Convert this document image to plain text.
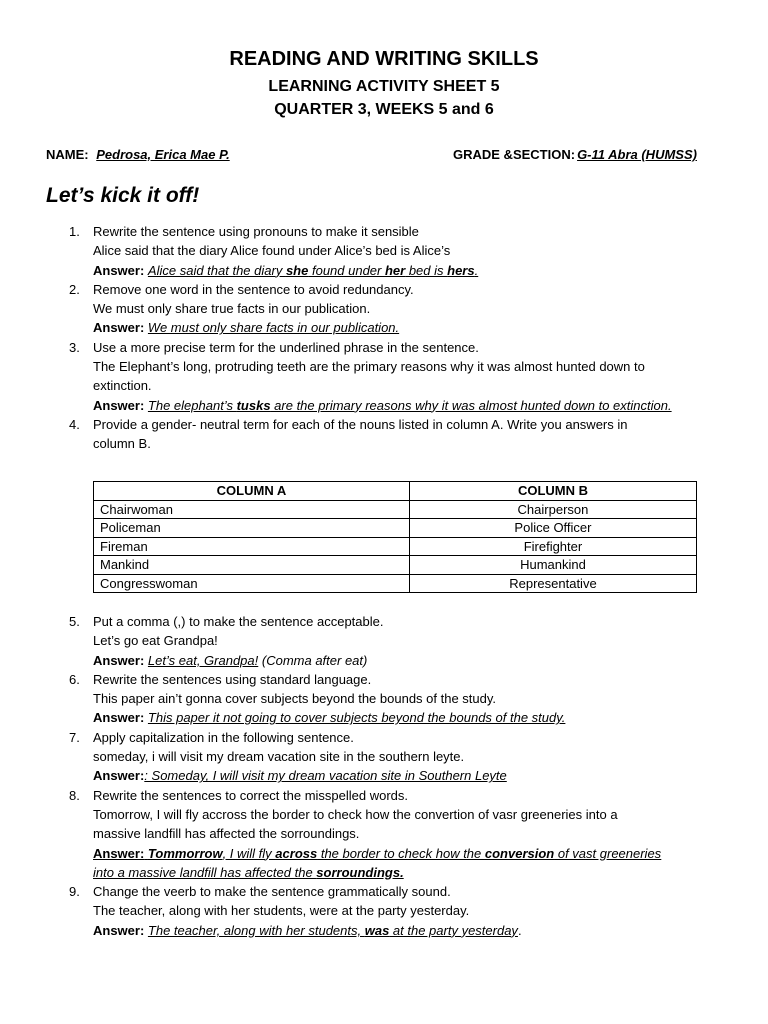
READING AND WRITING SKILLS
LEARNING ACTIVITY SHEET 5
QUARTER 3, WEEKS 5 and 6
NAME: Pedrosa, Erica Mae P.	GRADE &SECTION: G-11 Abra (HUMSS)
Let’s kick it off!
1.	Rewrite the sentence using pronouns to make it sensible
Alice said that the diary Alice found under Alice’s bed is Alice’s
Answer: Alice said that the diary she found under her bed is hers.
2.	Remove one word in the sentence to avoid redundancy.
We must only share true facts in our publication.
Answer: We must only share facts in our publication.
3.	Use a more precise term for the underlined phrase in the sentence.
The Elephant’s long, protruding teeth are the primary reasons why it was almost hunted down to
extinction.
Answer: The elephant’s tusks are the primary reasons why it was almost hunted down to extinction.
4.	Provide a gender- neutral term for each of the nouns listed in column A. Write you answers in
column B.
COLUMN A	COLUMN B
Chairwoman	Chairperson
Policeman	Police Officer
Fireman	Firefighter
Mankind	Humankind
Congresswoman	Representative
5.	Put a comma (,) to make the sentence acceptable.
Let’s go eat Grandpa!
Answer: Let’s eat, Grandpa! (Comma after eat)
6.	Rewrite the sentences using standard language.
This paper ain’t gonna cover subjects beyond the bounds of the study.
Answer: This paper it not going to cover subjects beyond the bounds of the study.
7.	Apply capitalization in the following sentence.
someday, i will visit my dream vacation site in the southern leyte.
Answer:: Someday, I will visit my dream vacation site in Southern Leyte
8.	Rewrite the sentences to correct the misspelled words.
Tomorrow, I will fly accross the border to check how the convertion of vasr greeneries into a
massive landfill has affected the sorroundings.
Answer: Tommorrow, I will fly across the border to check how the conversion of vast greeneries
into a massive landfill has affected the sorroundings.
9.	Change the veerb to make the sentence grammatically sound.
The teacher, along with her students, were at the party yesterday.
Answer: The teacher, along with her students, was at the party yesterday.
